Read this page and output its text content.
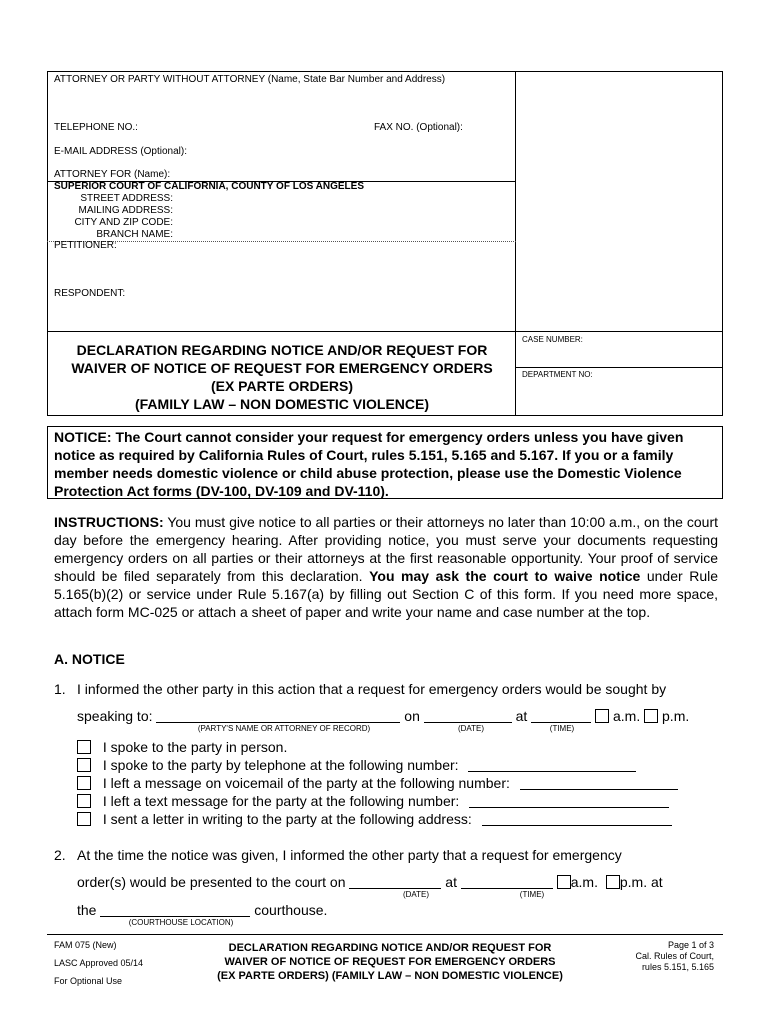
ATTORNEY OR PARTY WITHOUT ATTORNEY (Name, State Bar Number and Address)
TELEPHONE NO.:	FAX NO. (Optional):
E-MAIL ADDRESS (Optional):
ATTORNEY FOR (Name):
SUPERIOR COURT OF CALIFORNIA, COUNTY OF LOS ANGELES
STREET ADDRESS:
MAILING ADDRESS:
CITY AND ZIP CODE:
BRANCH NAME:
PETITIONER:
RESPONDENT:
CASE NUMBER:
DEPARTMENT NO:
DECLARATION REGARDING NOTICE AND/OR REQUEST FOR
WAIVER OF NOTICE OF REQUEST FOR EMERGENCY ORDERS
(EX PARTE ORDERS)
(FAMILY LAW – NON DOMESTIC VIOLENCE)
NOTICE: The Court cannot consider your request for emergency orders unless you have given notice as required by California Rules of Court, rules 5.151, 5.165 and 5.167. If you or a family member needs domestic violence or child abuse protection, please use the Domestic Violence Protection Act forms (DV-100, DV-109 and DV-110).
INSTRUCTIONS: You must give notice to all parties or their attorneys no later than 10:00 a.m., on the court day before the emergency hearing. After providing notice, you must serve your documents requesting emergency orders on all parties or their attorneys at the first reasonable opportunity. Your proof of service should be filed separately from this declaration. You may ask the court to waive notice under Rule 5.165(b)(2) or service under Rule 5.167(a) by filling out Section C of this form. If you need more space, attach form MC-025 or attach a sheet of paper and write your name and case number at the top.
A. NOTICE
1. I informed the other party in this action that a request for emergency orders would be sought by
speaking to:	on	at	a.m. p.m.
(PARTY'S NAME OR ATTORNEY OF RECORD)	(DATE)	(TIME)
I spoke to the party in person.
I spoke to the party by telephone at the following number:
I left a message on voicemail of the party at the following number:
I left a text message for the party at the following number:
I sent a letter in writing to the party at the following address:
2. At the time the notice was given, I informed the other party that a request for emergency
order(s) would be presented to the court on	at	a.m. p.m. at
(DATE)	(TIME)
the	courthouse.
(COURTHOUSE LOCATION)
FAM 075 (New)
LASC Approved 05/14
For Optional Use
DECLARATION REGARDING NOTICE AND/OR REQUEST FOR
WAIVER OF NOTICE OF REQUEST FOR EMERGENCY ORDERS
(EX PARTE ORDERS) (FAMILY LAW – NON DOMESTIC VIOLENCE)
Page 1 of 3
Cal. Rules of Court,
rules 5.151, 5.165
